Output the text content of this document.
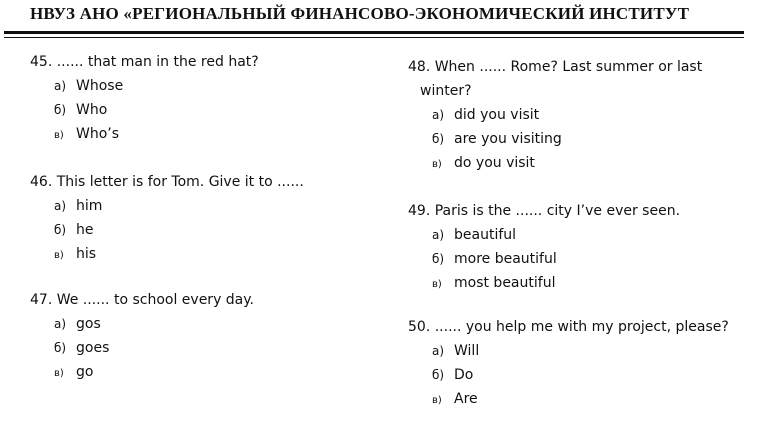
НВУЗ АНО «РЕГИОНАЛЬНЫЙ ФИНАНСОВО-ЭКОНОМИЧЕСКИЙ ИНСТИТУТ
45. ...... that man in the red hat?
а) Whose
б) Who
в) Who’s
46. This letter is for Tom. Give it to ......
а) him
б) he
в) his
47. We ...... to school every day.
а) gos
б) goes
в) go
48. When ...... Rome? Last summer or last
winter?
а) did you visit
б) are you visiting
в) do you visit
49. Paris is the ...... city I’ve ever seen.
а) beautiful
б) more beautiful
в) most beautiful
50. ...... you help me with my project, please?
а) Will
б) Do
в) Are
